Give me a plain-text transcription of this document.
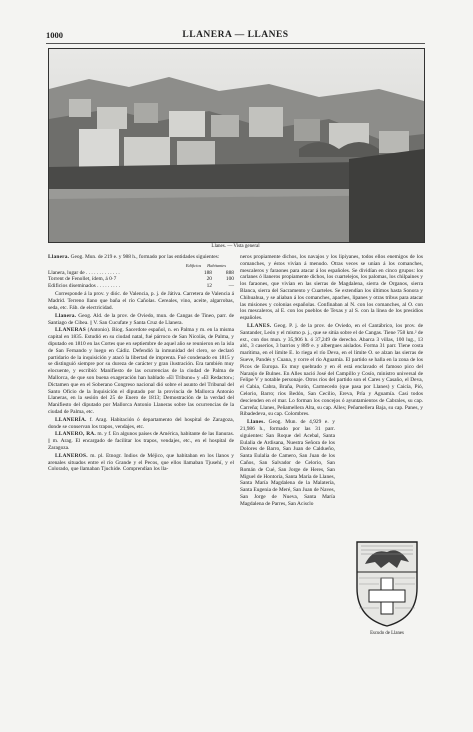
1000	LLANERA — LLANES
Llanes. — Vista general

Llanera. Geog. Mun. de 219 e. y 988 h., formado por las entidades siguientes:

Edificios Habitantes
Llanera, lugar de . . . . . . . . . . . . .	188	888
Torrent de Fenollet, ídem, á 0·7	20	100
Edificios diseminados . . . . . . . . .	12	—

Corresponde á la prov. y dióc. de Valencia, p. j. de Játiva. Carretera de Valencia á Madrid. Terreno llano que baña el río Cañolas. Cereales, vino, aceite, algarrobas, seda, etc. Fáb. de electricidad.

Llanera. Geog. Ald. de la prov. de Oviedo, mun. de Cangas de Tineo, parr. de Santiago de Cibea. || V. San Cucufate y Santa Cruz de Llanera.

LLANERAS (Antonio). Biog. Sacerdote español, n. en Palma y m. en la misma capital en 1835. Estudió en su ciudad natal, fué párroco de San Nicolás, de Palma, y diputado en 1810 en las Cortes que en septiembre de aquel año se reunieron en la isla de San Fernando y luego en Cádiz. Defendió la inmunidad del clero, se declaró partidario de la inquisición y atacó la libertad de imprenta. Fué condenado en 1815 y se distinguió siempre por su dureza de carácter y gran ilustración. Era también muy elocuente, y escribió: Manifiesto de las ocurrencias de la ciudad de Palma de Mallorca, de que son buena exageración han hablado «El Tribuno» y «El Redactor»; Dictamen que en el Soberano Congreso nacional dió sobre el asunto del Tribunal del Santo Oficio de la Inquisición el diputado por la provincia de Mallorca Antonio Llaneras, en la sesión del 25 de Enero de 1813; Demostración de la verdad del Manifiesto del diputado por Mallorca Antonio Llaneras sobre las ocurrencias de la ciudad de Palma, etc.

LLANERÍA. f. Arag. Habitación ó departamento del hospital de Zaragoza, donde se conservan los trapos, vendajes, etc.

LLANERO, RA. m. y f. En algunos países de América, habitante de las llanuras. || m. Arag. El encargado de facilitar los trapos, vendajes, etc., en el hospital de Zaragoza.

LLANEROS. m. pl. Etnogr. Indios de Méjico, que habitaban en los llanos y arenales situados entre el río Grande y el Pecos, que ellos llamaban Tjusehí, y el Colorado, que llamaban Tjuchide. Comprendían los lla-

neros propiamente dichos, los navajos y los lipiyanes, todos ellos enemigos de los comanches, y éstos vivían á menudo. Otras veces se unían á los comanches, mescaleros y faraones para atacar á los españoles. Se dividían en cinco grupos: los carlanes ó llaneros propiamente dichos, los cuartelejos, los palomas, los chilpaines y los faraones, que vivían en las sierras de Magdalena, sierra de Organos, sierra Blanca, sierra del Sacramento y Cuarteles. Se extendían los últimos hasta Sonora y Chihuahua, y se aliaban á los comanches, apaches, lipanes y otras tribus para atacar las misiones y colonias españolas. Confinaban al N. con los comanches, al O. con los mescaleros, al E. con los pueblos de Texas y al S. con la línea de los presidios españoles.

LLANES. Geog. P. j. de la prov. de Oviedo, en el Cantábrico, los prov. de Santander, León y el mismo p. j., que se sitúa sobre el de Cangas. Tiene 758 km.² de ext., con dos mun. y 35,906 h. ó 37,249 de derecho. Abarca 3 villas, 100 lug., 13 ald., 3 caseríos, 3 barrios y 889 e. y albergues aislados. Forma 31 parr. Tiene costa marítima, en el límite E. lo riega el río Deva, en el límite O. se alzan las sierras de Sueve, Pandés y Cuana, y corre el río Aguamía. El partido se halla en la zona de los Picos de Europa. Es muy quebrado y en él está enclavado el famoso pico del Naranjo de Bulnes. En Alles nació José del Campillo y Cosío, ministro universal de Felipe V y notable personaje. Otros ríos del partido son el Cares y Casaño, el Deva, el Cabia, Cabra, Braña, Purón, Carmecedo (que pasa por Llanes) y Caicía, Pió, Celorio, Barro; ríos Bedón, San Cecilio, Ereva, Pría y Aguamía. Casi todos descienden en el mar. Lo forman los concejos ó ayuntamientos de Cabrales, su cap. Carreña; Llanes, Peñamellera Alta, su cap. Alles; Peñamellera Baja, su cap. Panes, y Ribadedeva, su cap. Colombres.

Llanes. Geog. Mun. de 4,929 e. y 21,986 h., formado por las 31 parr. siguientes: San Roque del Acebal, Santa Eulalia de Ardisana, Nuestra Señora de los Dolores de Barro, San Juan de Caldueño, Santa Eulalia de Camero, San Juan de los Caños, San Salvador de Celorio, San Román de Cué, San Jorge de Heres, San Miguel de Hontoria, Santa María de Llanes, Santa María Magdalena de la Malatería, Santa Eugenia de Meré, San Juan de Naves, San Jorge de Nueva, Santa María Magdalena de Parres, San Acisclo

Escudo de Llanes
